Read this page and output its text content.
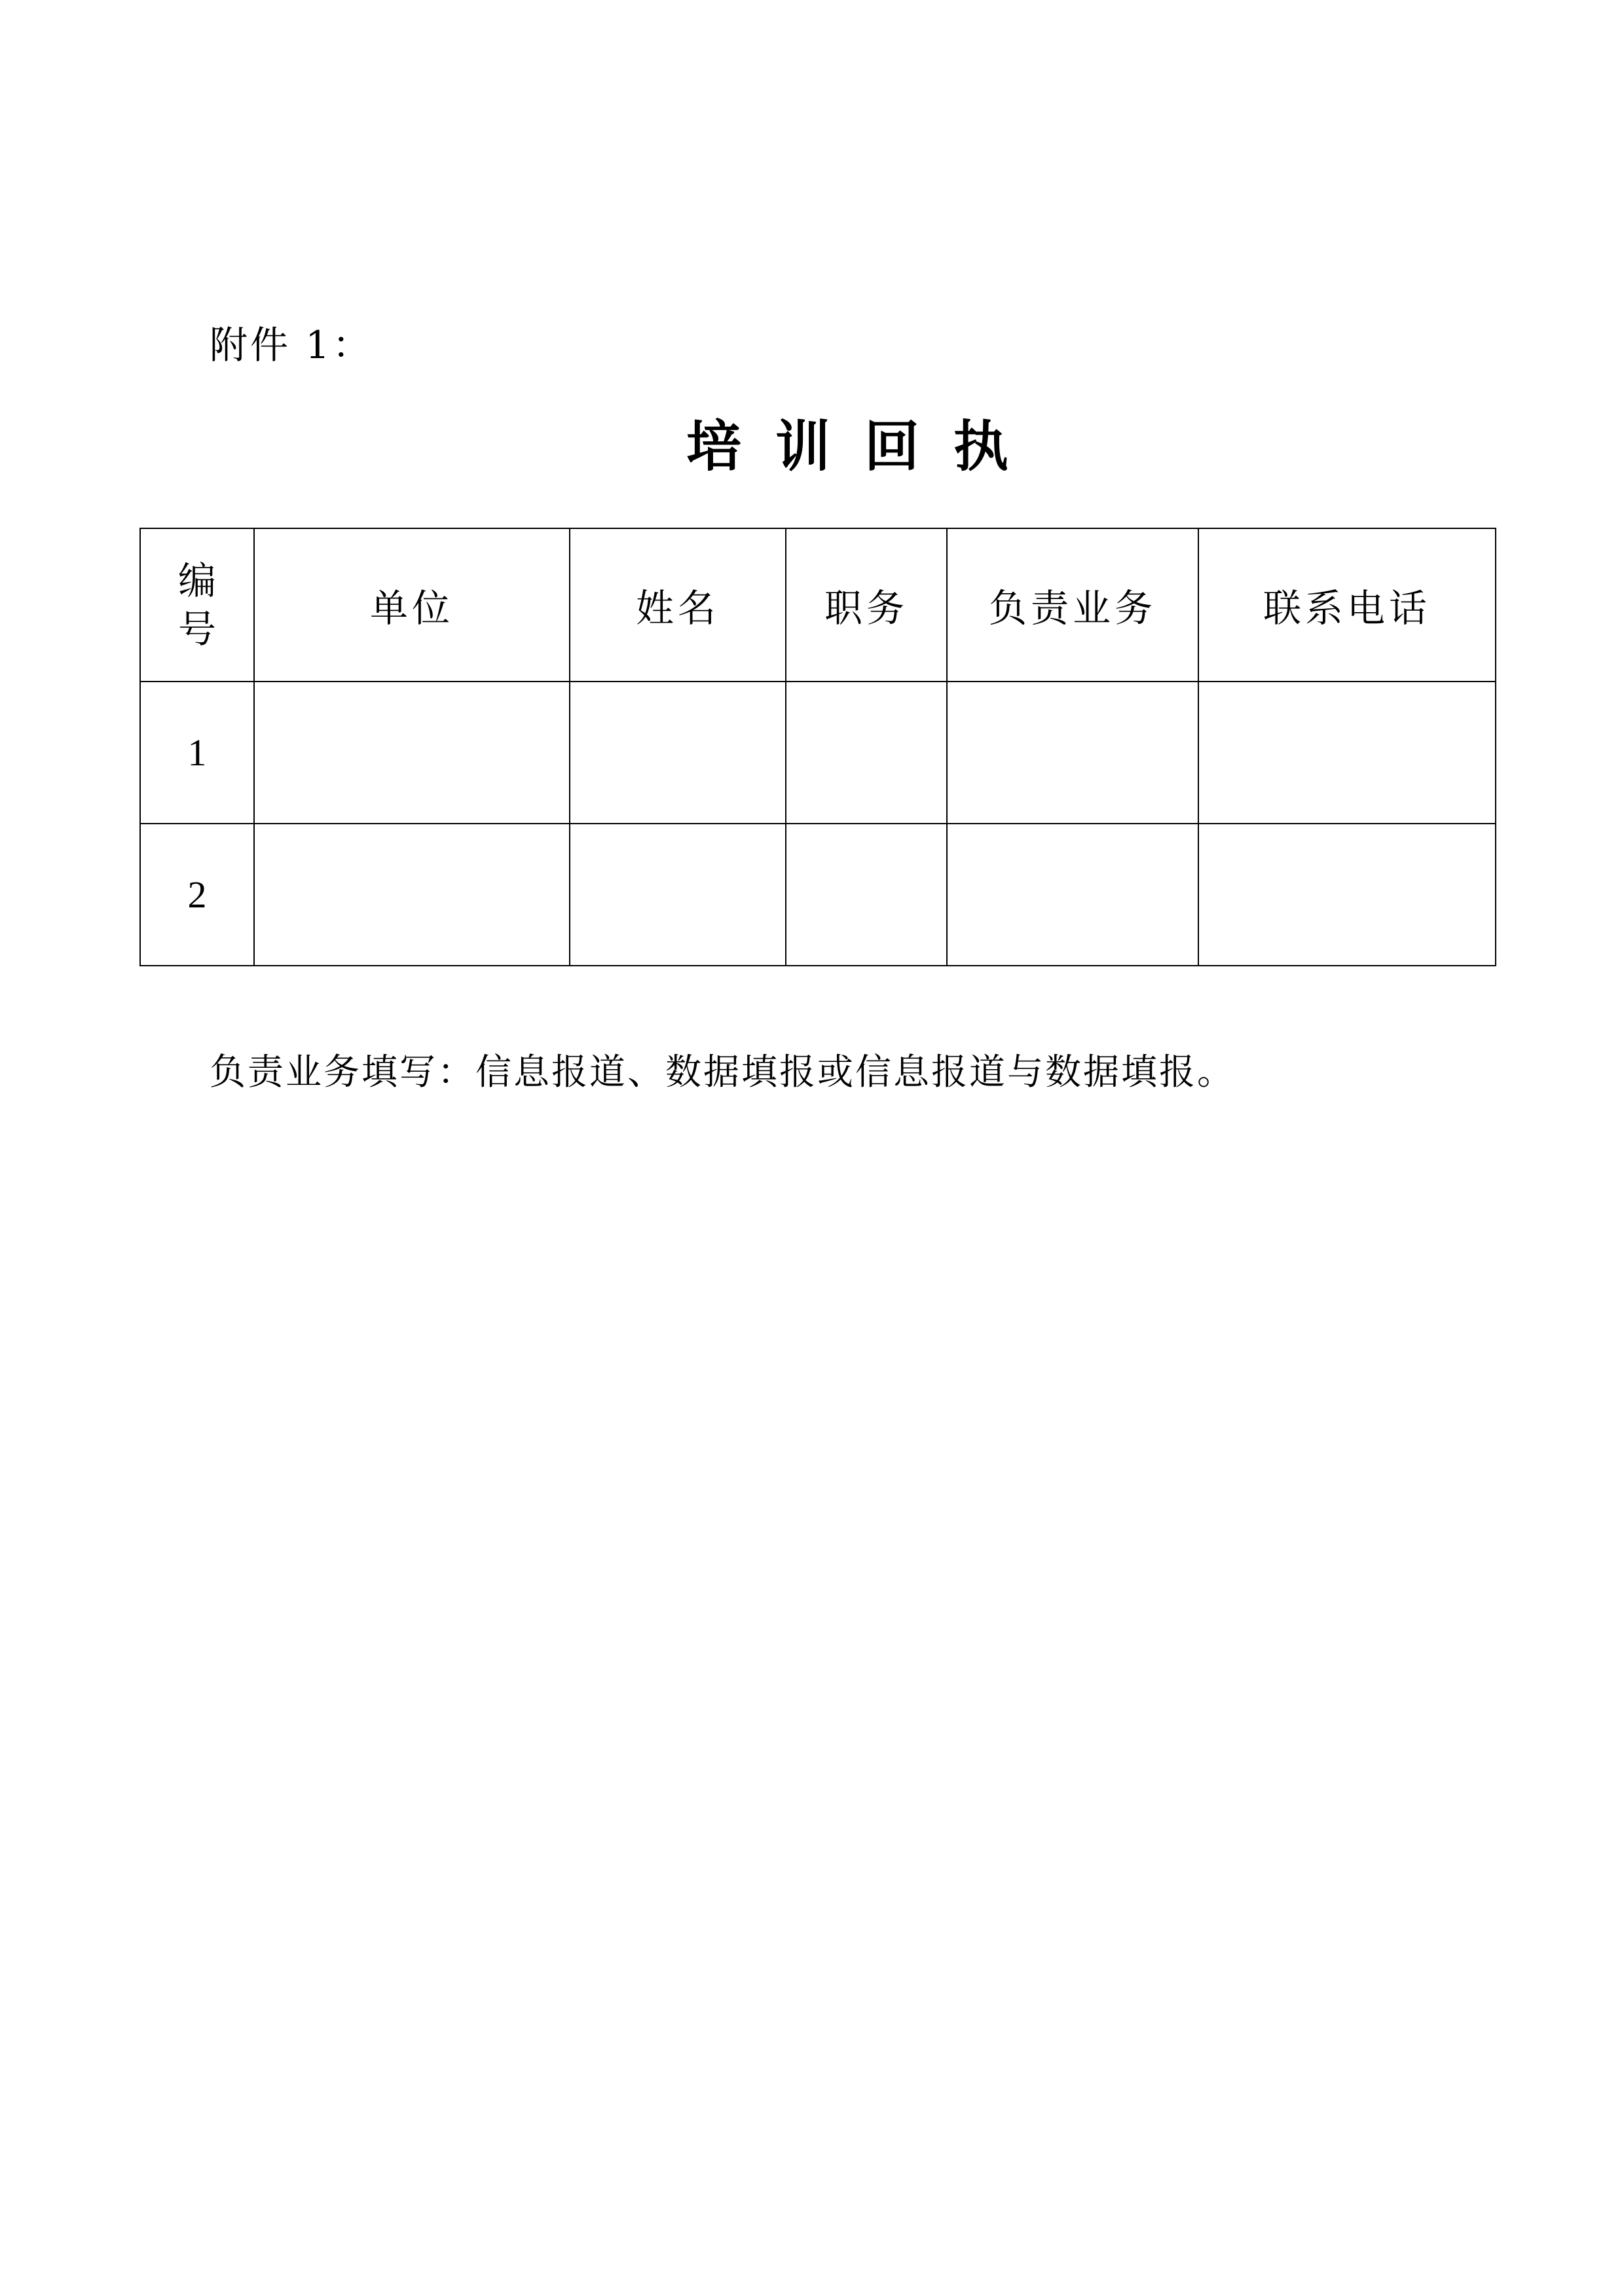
附件 1：
培训回执
编
号	单位	姓名	职务	负责业务	联系电话
1					
2					
负责业务填写：信息报道、数据填报或信息报道与数据填报。
